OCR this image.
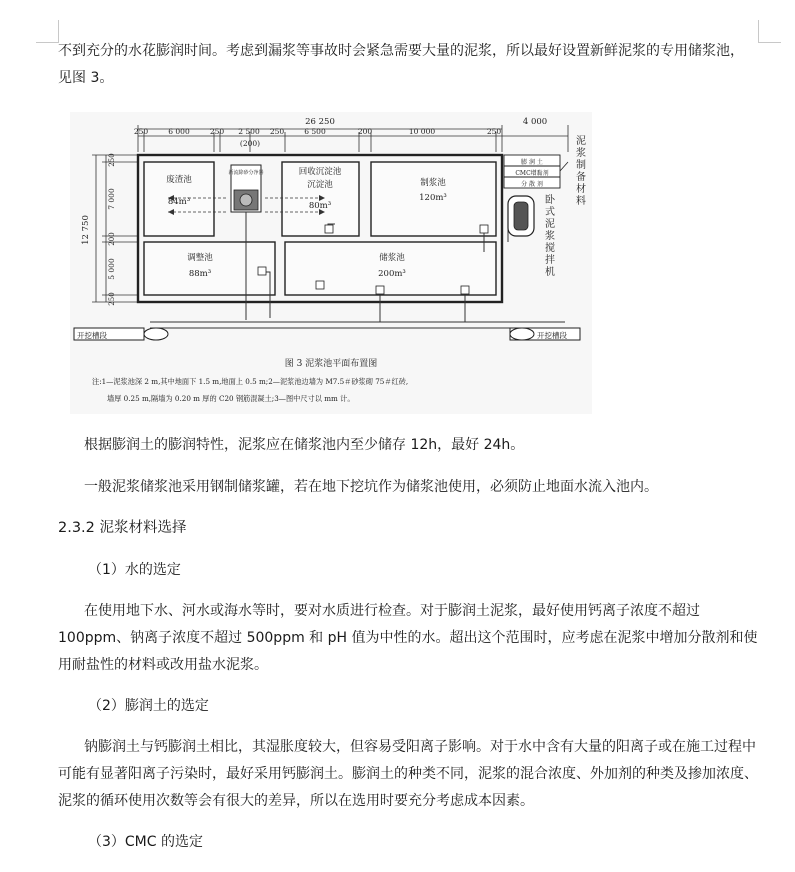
不到充分的水花膨润时间。考虑到漏浆等事故时会紧急需要大量的泥浆，所以最好设置新鲜泥浆的专用储浆池，
见图 3。

26 250	4 000
250	6 000	250 2 500 250	6 500	200	10 000	250
(200)
12 750
250
7 000
200
5 000
250
废渣池
84m³
回收沉淀池
沉淀池
80m³
制浆池
120m³
调整池
88m³
储浆池
200m³
新流除砂分净器
膨 润 土
CMC增黏剂
分 散 剂
开挖槽段	开挖槽段
图 3 泥浆池平面布置图
注:1—泥浆池深 2 m,其中地面下 1.5 m,地面上 0.5 m;2—泥浆池边墙为 M7.5＃砂浆砌 75＃红砖,
墙厚 0.25 m,隔墙为 0.20 m 厚的 C20 钢筋混凝土;3—图中尺寸以 mm 计。
泥浆制备材料
卧式泥浆搅拌机

根据膨润土的膨润特性，泥浆应在储浆池内至少储存 12h，最好 24h。

一般泥浆储浆池采用钢制储浆罐，若在地下挖坑作为储浆池使用，必须防止地面水流入池内。

2.3.2 泥浆材料选择

（1）水的选定

在使用地下水、河水或海水等时，要对水质进行检查。对于膨润土泥浆，最好使用钙离子浓度不超过 100ppm、钠离子浓度不超过 500ppm 和 pH 值为中性的水。超出这个范围时，应考虑在泥浆中增加分散剂和使用耐盐性的材料或改用盐水泥浆。

（2）膨润土的选定

钠膨润土与钙膨润土相比，其湿胀度较大，但容易受阳离子影响。对于水中含有大量的阳离子或在施工过程中可能有显著阳离子污染时，最好采用钙膨润土。膨润土的种类不同，泥浆的混合浓度、外加剂的种类及掺加浓度、泥浆的循环使用次数等会有很大的差异，所以在选用时要充分考虑成本因素。

（3）CMC 的选定
